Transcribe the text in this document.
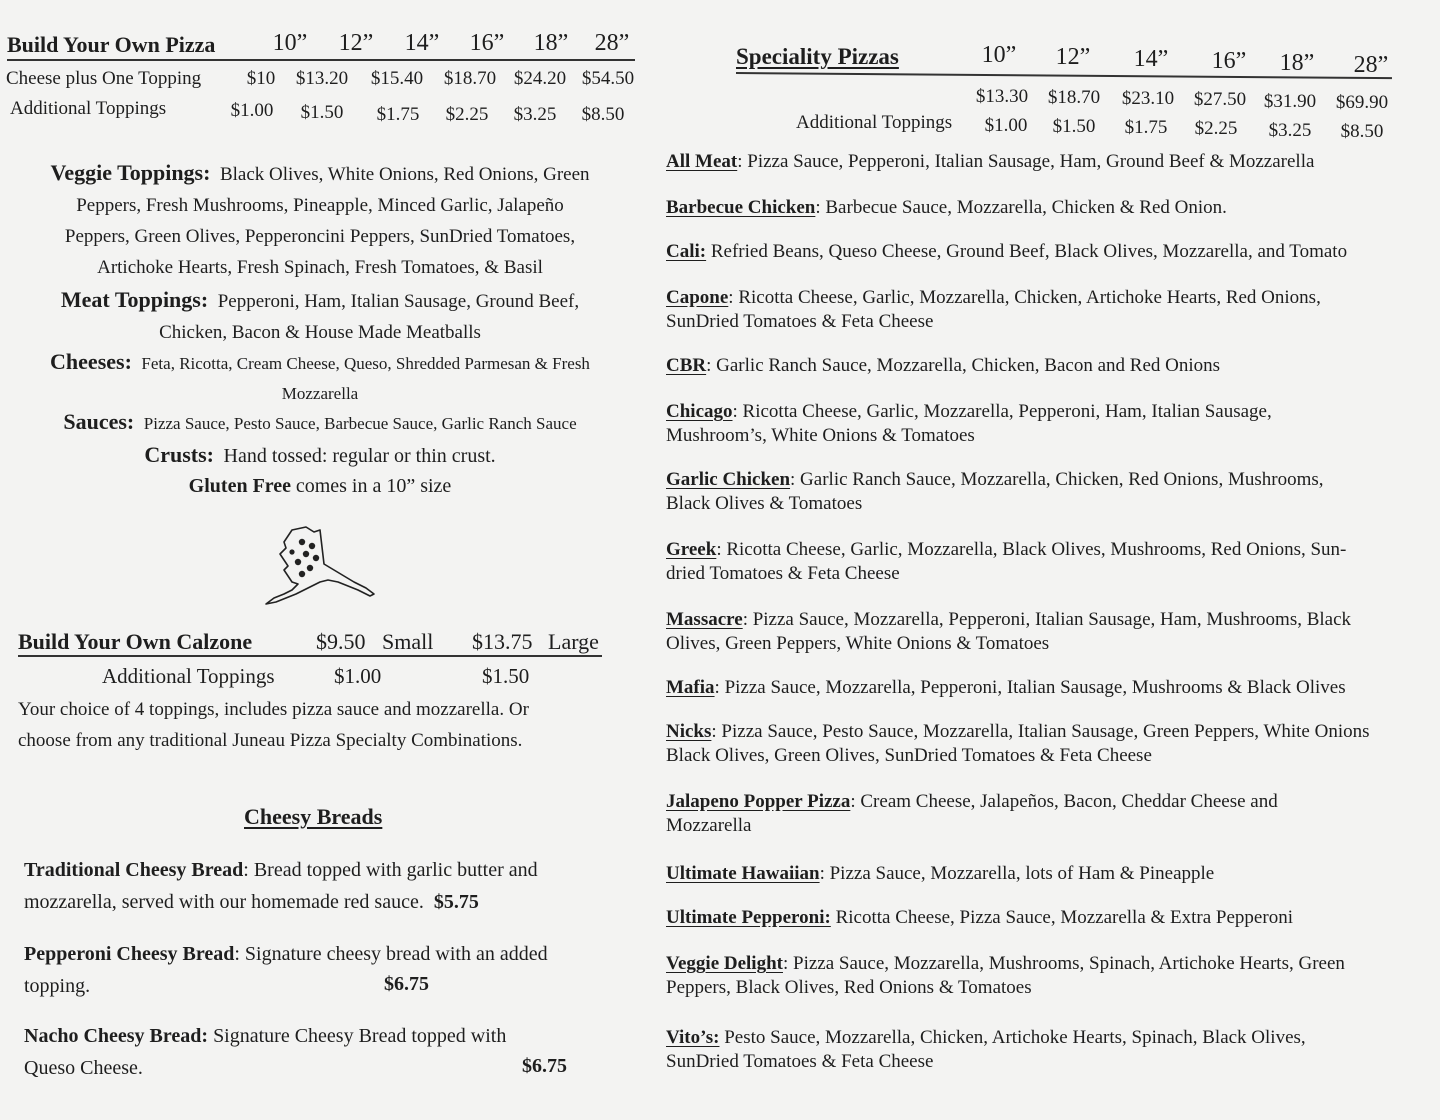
Build Your Own Pizza	10”	12”	14”	16”	18”	28”
Cheese plus One Topping	$10	$13.20	$15.40	$18.70 $24.20 $54.50
Additional Toppings	$1.00	$1.50	$1.75	$2.25	$3.25	$8.50
Veggie Toppings: Black Olives, White Onions, Red Onions, Green
Peppers, Fresh Mushrooms, Pineapple, Minced Garlic, Jalapeño
Peppers, Green Olives, Pepperoncini Peppers, SunDried Tomatoes,
Artichoke Hearts, Fresh Spinach, Fresh Tomatoes, & Basil
Meat Toppings: Pepperoni, Ham, Italian Sausage, Ground Beef,
Chicken, Bacon & House Made Meatballs
Cheeses: Feta, Ricotta, Cream Cheese, Queso, Shredded Parmesan & Fresh
Mozzarella
Sauces: Pizza Sauce, Pesto Sauce, Barbecue Sauce, Garlic Ranch Sauce
Crusts: Hand tossed: regular or thin crust.
Gluten Free comes in a 10” size
Build Your Own Calzone	$9.50 Small $13.75 Large
Additional Toppings	$1.00	$1.50
Your choice of 4 toppings, includes pizza sauce and mozzarella. Or
choose from any traditional Juneau Pizza Specialty Combinations.
Cheesy Breads
Traditional Cheesy Bread: Bread topped with garlic butter and
mozzarella, served with our homemade red sauce. $5.75
Pepperoni Cheesy Bread: Signature cheesy bread with an added
topping.	$6.75
Nacho Cheesy Bread: Signature Cheesy Bread topped with
Queso Cheese.	$6.75
Speciality Pizzas	10”	12”	14”	16”	18”	28”
$13.30	$18.70	$23.10	$27.50 $31.90	$69.90
Additional Toppings	$1.00	$1.50	$1.75	$2.25	$3.25	$8.50
All Meat: Pizza Sauce, Pepperoni, Italian Sausage, Ham, Ground Beef & Mozzarella
Barbecue Chicken: Barbecue Sauce, Mozzarella, Chicken & Red Onion.
Cali: Refried Beans, Queso Cheese, Ground Beef, Black Olives, Mozzarella, and Tomato
Capone: Ricotta Cheese, Garlic, Mozzarella, Chicken, Artichoke Hearts, Red Onions,
SunDried Tomatoes & Feta Cheese
CBR: Garlic Ranch Sauce, Mozzarella, Chicken, Bacon and Red Onions
Chicago: Ricotta Cheese, Garlic, Mozzarella, Pepperoni, Ham, Italian Sausage,
Mushroom’s, White Onions & Tomatoes
Garlic Chicken: Garlic Ranch Sauce, Mozzarella, Chicken, Red Onions, Mushrooms,
Black Olives & Tomatoes
Greek: Ricotta Cheese, Garlic, Mozzarella, Black Olives, Mushrooms, Red Onions, Sun-
dried Tomatoes & Feta Cheese
Massacre: Pizza Sauce, Mozzarella, Pepperoni, Italian Sausage, Ham, Mushrooms, Black
Olives, Green Peppers, White Onions & Tomatoes
Mafia: Pizza Sauce, Mozzarella, Pepperoni, Italian Sausage, Mushrooms & Black Olives
Nicks: Pizza Sauce, Pesto Sauce, Mozzarella, Italian Sausage, Green Peppers, White Onions
Black Olives, Green Olives, SunDried Tomatoes & Feta Cheese
Jalapeno Popper Pizza: Cream Cheese, Jalapeños, Bacon, Cheddar Cheese and
Mozzarella
Ultimate Hawaiian: Pizza Sauce, Mozzarella, lots of Ham & Pineapple
Ultimate Pepperoni: Ricotta Cheese, Pizza Sauce, Mozzarella & Extra Pepperoni
Veggie Delight: Pizza Sauce, Mozzarella, Mushrooms, Spinach, Artichoke Hearts, Green
Peppers, Black Olives, Red Onions & Tomatoes
Vito’s: Pesto Sauce, Mozzarella, Chicken, Artichoke Hearts, Spinach, Black Olives,
SunDried Tomatoes & Feta Cheese
